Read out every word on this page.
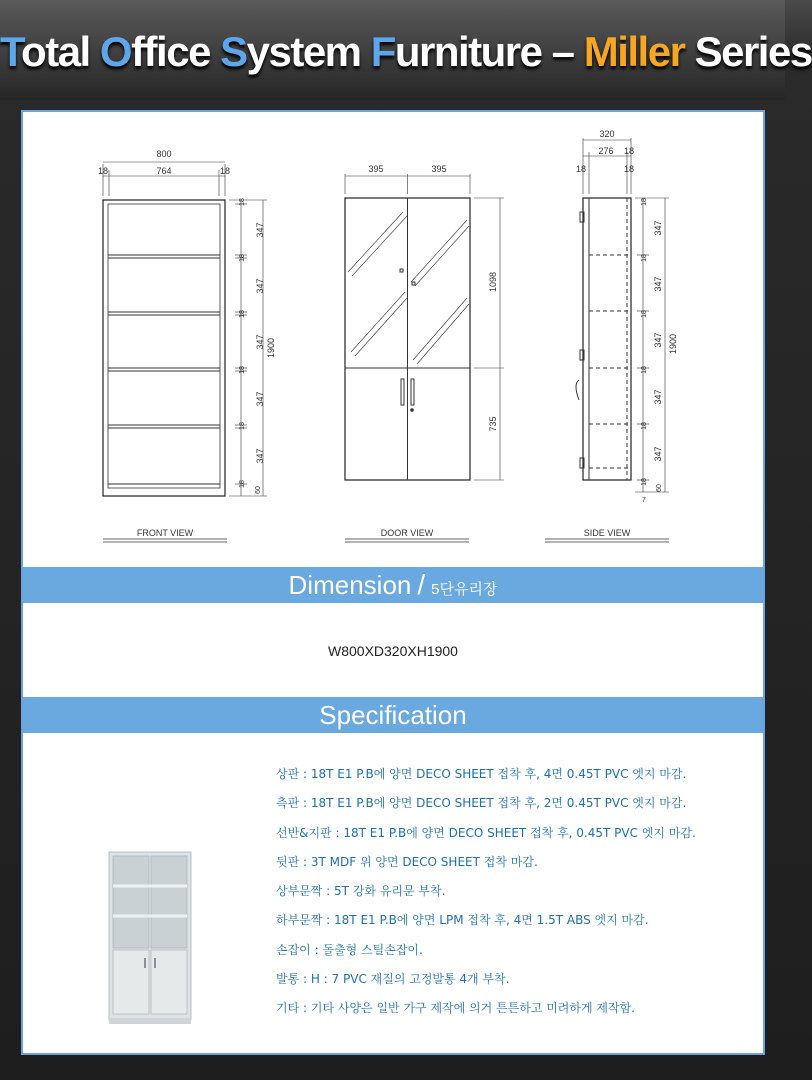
Total Office System Furniture – Miller Series
800
764
18	18
347
347
347
347
347
18
18
18
18
18
18
1900
60
FRONT VIEW
395	395
1098
735
DOOR VIEW
320
276 18
18	18
347
347
347
347
347
18
18
18
18
18
18
1900
60
7
SIDE VIEW
Dimension / 5단유리장
W800XD320XH1900
Specification
상판 : 18T E1 P.B에 양면 DECO SHEET 접착 후, 4면 0.45T PVC 엣지 마감.
측판 : 18T E1 P.B에 양면 DECO SHEET 접착 후, 2면 0.45T PVC 엣지 마감.
선반&지판 : 18T E1 P.B에 양면 DECO SHEET 접착 후, 0.45T PVC 엣지 마감.
뒷판 : 3T MDF 위 양면 DECO SHEET 접착 마감.
상부문짝 : 5T 강화 유리문 부착.
하부문짝 : 18T E1 P.B에 양면 LPM 접착 후, 4면 1.5T ABS 엣지 마감.
손잡이 : 돌출형 스틸손잡이.
발통 : H : 7 PVC 재질의 고정발통 4개 부착.
기타 : 기타 사양은 일반 가구 제작에 의거 튼튼하고 미려하게 제작함.
